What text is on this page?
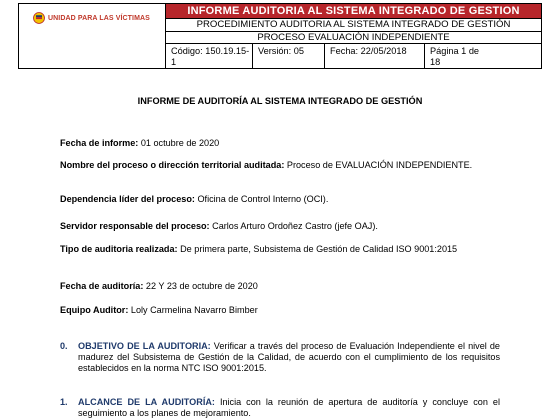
UNIDAD PARA LAS VÍCTIMAS
INFORME AUDITORIA AL SISTEMA INTEGRADO DE GESTION
PROCEDIMIENTO AUDITORIA AL SISTEMA INTEGRADO DE GESTIÓN
PROCESO EVALUACIÓN INDEPENDIENTE
Código: 150.19.15-1
Versión: 05	Fecha: 22/05/2018	Página 1 de 18
INFORME DE AUDITORÍA AL SISTEMA INTEGRADO DE GESTIÓN
Fecha de informe: 01 octubre de 2020
Nombre del proceso o dirección territorial auditada: Proceso de EVALUACIÓN INDEPENDIENTE.
Dependencia líder del proceso: Oficina de Control Interno (OCI).
Servidor responsable del proceso: Carlos Arturo Ordoñez Castro (jefe OAJ).
Tipo de auditoria realizada: De primera parte, Subsistema de Gestión de Calidad ISO 9001:2015
Fecha de auditoría: 22 Y 23 de octubre de 2020
Equipo Auditor: Loly Carmelina Navarro Bimber
0. OBJETIVO DE LA AUDITORIA: Verificar a través del proceso de Evaluación Independiente el nivel de madurez del Subsistema de Gestión de la Calidad, de acuerdo con el cumplimiento de los requisitos establecidos en la norma NTC ISO 9001:2015.
1. ALCANCE DE LA AUDITORÍA: Inicia con la reunión de apertura de auditoría y concluye con el seguimiento a los planes de mejoramiento.
